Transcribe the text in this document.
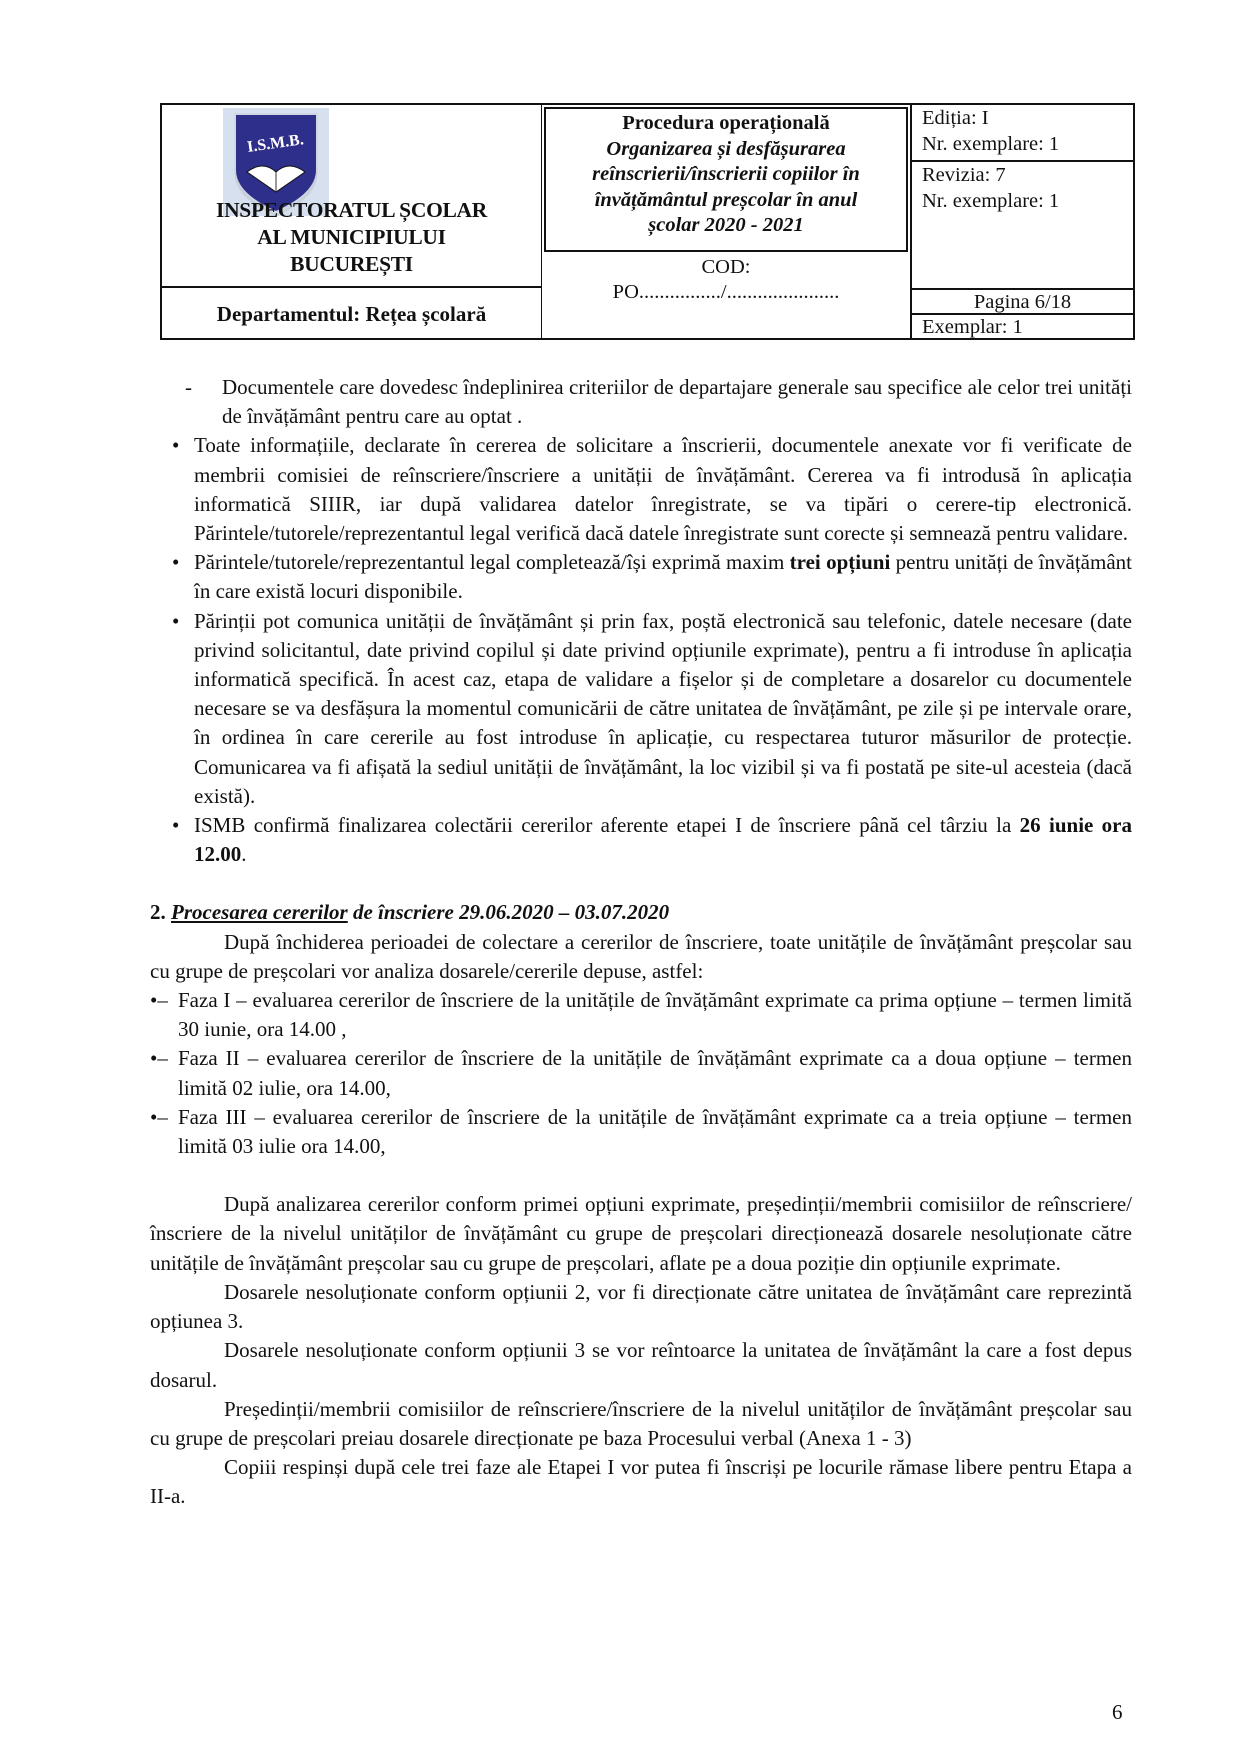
I.S.M.B.
INSPECTORATUL ȘCOLAR
AL MUNICIPIULUI
BUCUREȘTI
Departamentul: Rețea școlară
Procedura operațională
Organizarea și desfășurarea
reînscrierii/înscrierii copiilor în
învățământul preșcolar în anul
școlar 2020 - 2021
COD:
PO................/......................
Ediția: I
Nr. exemplare: 1
Revizia: 7
Nr. exemplare: 1
Pagina 6/18
Exemplar: 1
- Documentele care dovedesc îndeplinirea criteriilor de departajare generale sau specifice ale celor trei unități de învățământ pentru care au optat .
• Toate informațiile, declarate în cererea de solicitare a înscrierii, documentele anexate vor fi verificate de membrii comisiei de reînscriere/înscriere a unității de învățământ. Cererea va fi introdusă în aplicația informatică SIIIR, iar după validarea datelor înregistrate, se va tipări o cerere-tip electronică. Părintele/tutorele/reprezentantul legal verifică dacă datele înregistrate sunt corecte și semnează pentru validare.
• Părintele/tutorele/reprezentantul legal completează/își exprimă maxim trei opțiuni pentru unități de învățământ în care există locuri disponibile.
• Părinții pot comunica unității de învățământ și prin fax, poștă electronică sau telefonic, datele necesare (date privind solicitantul, date privind copilul și date privind opțiunile exprimate), pentru a fi introduse în aplicația informatică specifică. În acest caz, etapa de validare a fișelor și de completare a dosarelor cu documentele necesare se va desfășura la momentul comunicării de către unitatea de învățământ, pe zile și pe intervale orare, în ordinea în care cererile au fost introduse în aplicație, cu respectarea tuturor măsurilor de protecție. Comunicarea va fi afișată la sediul unității de învățământ, la loc vizibil și va fi postată pe site-ul acesteia (dacă există).
• ISMB confirmă finalizarea colectării cererilor aferente etapei I de înscriere până cel târziu la 26 iunie ora 12.00.
2. Procesarea cererilor de înscriere 29.06.2020 – 03.07.2020
După închiderea perioadei de colectare a cererilor de înscriere, toate unitățile de învățământ preșcolar sau cu grupe de preșcolari vor analiza dosarele/cererile depuse, astfel:
•– Faza I – evaluarea cererilor de înscriere de la unitățile de învățământ exprimate ca prima opțiune – termen limită 30 iunie, ora 14.00 ,
•– Faza II – evaluarea cererilor de înscriere de la unitățile de învățământ exprimate ca a doua opțiune – termen limită 02 iulie, ora 14.00,
•– Faza III – evaluarea cererilor de înscriere de la unitățile de învățământ exprimate ca a treia opțiune – termen limită 03 iulie ora 14.00,
După analizarea cererilor conform primei opțiuni exprimate, președinții/membrii comisiilor de reînscriere/înscriere de la nivelul unităților de învățământ cu grupe de preșcolari direcționează dosarele nesoluționate către unitățile de învățământ preșcolar sau cu grupe de preșcolari, aflate pe a doua poziție din opțiunile exprimate.
Dosarele nesoluționate conform opțiunii 2, vor fi direcționate către unitatea de învățământ care reprezintă opțiunea 3.
Dosarele nesoluționate conform opțiunii 3 se vor reîntoarce la unitatea de învățământ la care a fost depus dosarul.
Președinții/membrii comisiilor de reînscriere/înscriere de la nivelul unităților de învățământ preșcolar sau cu grupe de preșcolari preiau dosarele direcționate pe baza Procesului verbal (Anexa 1 - 3)
Copiii respinși după cele trei faze ale Etapei I vor putea fi înscriși pe locurile rămase libere pentru Etapa a II-a.
6
